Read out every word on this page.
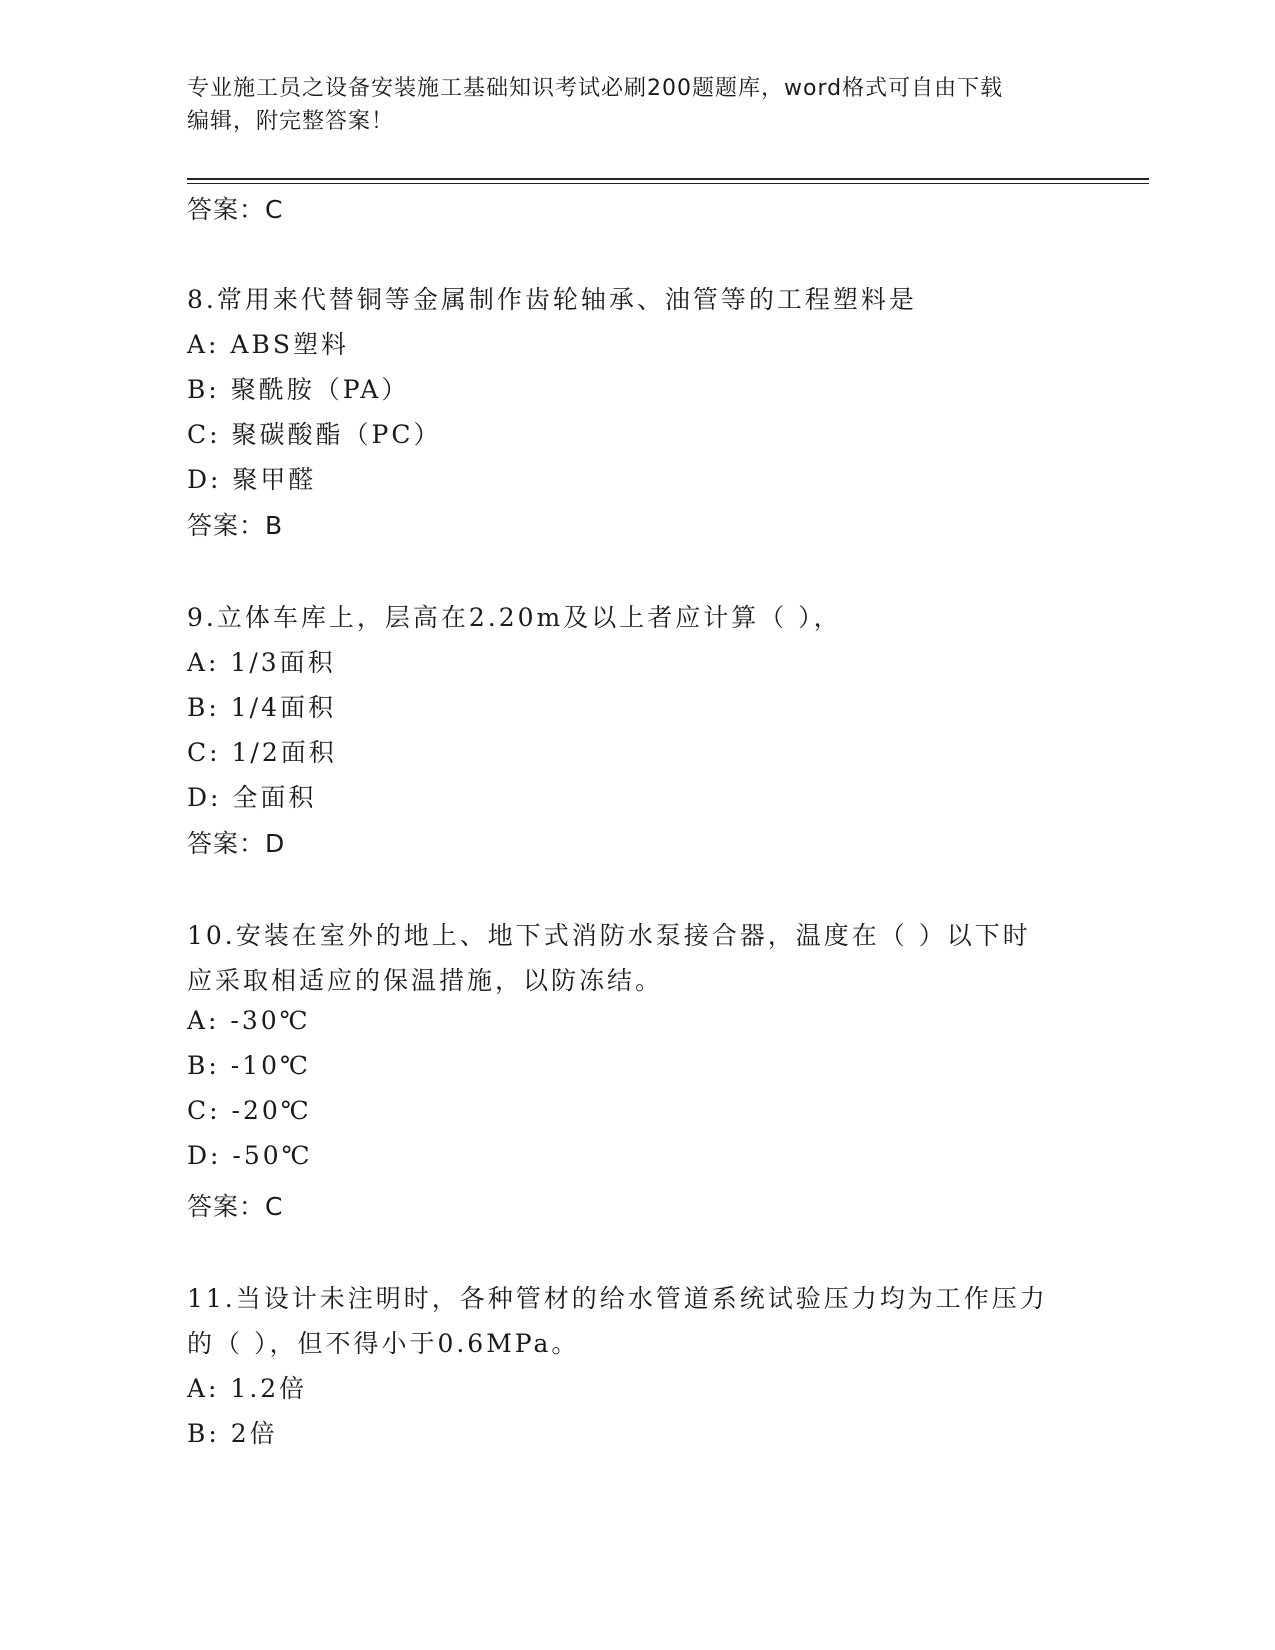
专业施工员之设备安装施工基础知识考试必刷200题题库，word格式可自由下载
编辑，附完整答案！
答案：C
8.常用来代替铜等金属制作齿轮轴承、油管等的工程塑料是
A: ABS塑料
B: 聚酰胺（PA）
C: 聚碳酸酯（PC）
D: 聚甲醛
答案：B
9.立体车库上，层高在2.20m及以上者应计算（ ），
A: 1/3面积
B: 1/4面积
C: 1/2面积
D: 全面积
答案：D
10.安装在室外的地上、地下式消防水泵接合器，温度在（ ）以下时
应采取相适应的保温措施，以防冻结。
A: -30℃
B: -10℃
C: -20℃
D: -50℃
答案：C
11.当设计未注明时，各种管材的给水管道系统试验压力均为工作压力
的（ ），但不得小于0.6MPa。
A: 1.2倍
B: 2倍
